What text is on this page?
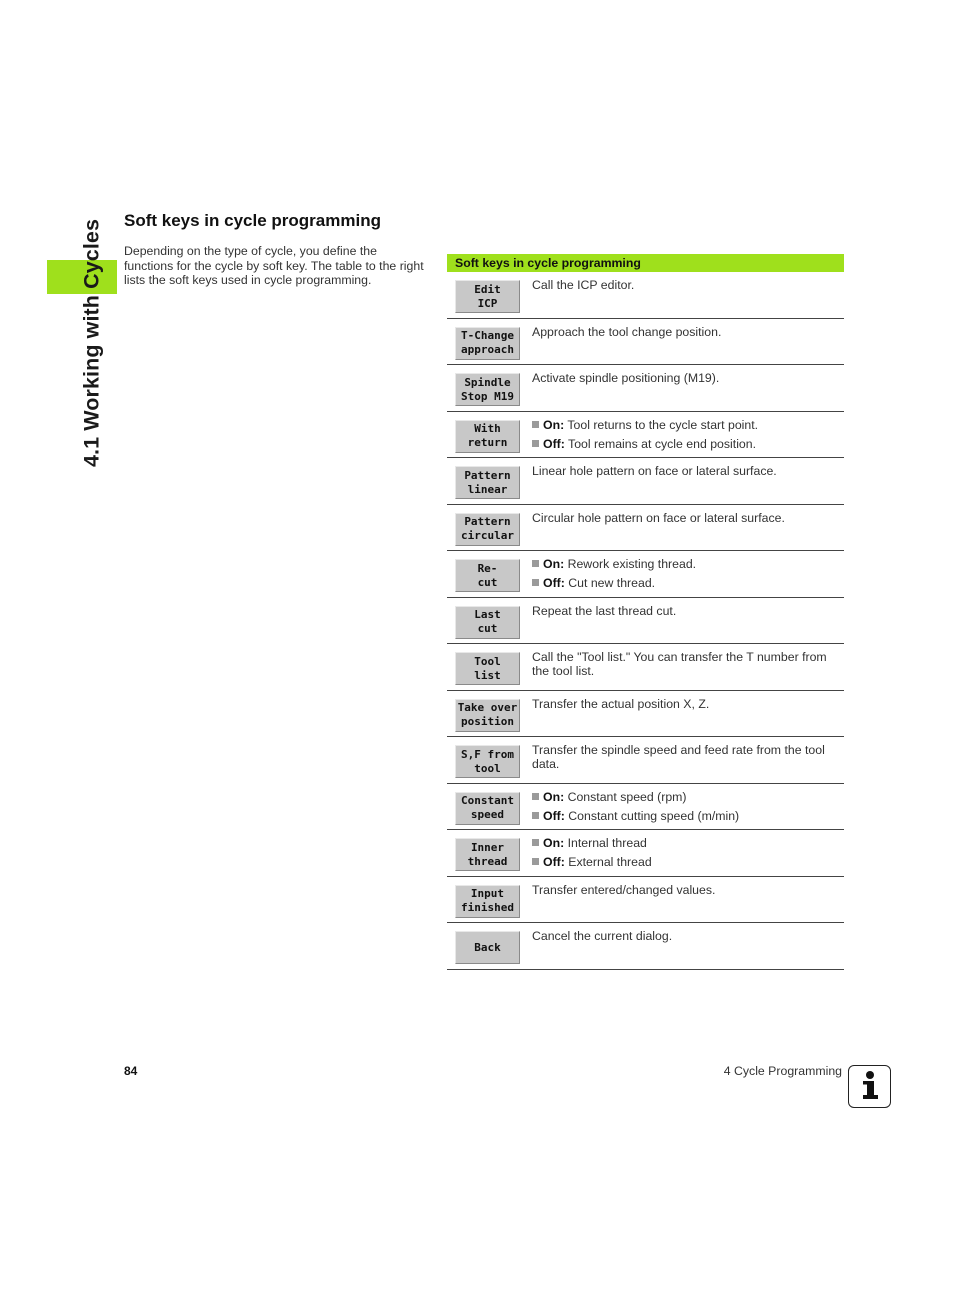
4.1 Working with Cycles Soft keys in cycle programming
Depending on the type of cycle, you define the functions for the cycle by soft key. The table to the right lists the soft keys used in cycle programming.
Soft keys in cycle programming
Edit
ICP
Call the ICP editor.
T-Change
approach
Approach the tool change position.
Spindle
Stop M19
Activate spindle positioning (M19).
With
return
On: Tool returns to the cycle start point.
Off: Tool remains at cycle end position.
Pattern
linear
Linear hole pattern on face or lateral surface.
Pattern
circular
Circular hole pattern on face or lateral surface.
Re-
cut
On: Rework existing thread.
Off: Cut new thread.
Last
cut
Repeat the last thread cut.
Tool
list
Call the "Tool list." You can transfer the T number from the tool list.
Take over
position
Transfer the actual position X, Z.
S,F from
tool
Transfer the spindle speed and feed rate from the tool data.
Constant
speed
On: Constant speed (rpm)
Off: Constant cutting speed (m/min)
Inner
thread
On: Internal thread
Off: External thread
Input
finished
Transfer entered/changed values.
Back
Cancel the current dialog.
84	4 Cycle Programming
